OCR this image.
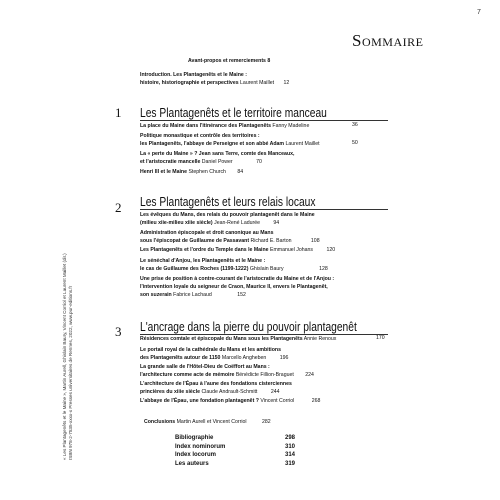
7
Sommaire
Avant-propos et remerciements 8
Introduction. Les Plantagenêts et le Maine :
histoire, historiographie et perspectives Laurent Maillet 12
1 Les Plantagenêts et le territoire manceau
La place du Maine dans l'itinérance des Plantagenêts Fanny Madeline	36
Politique monastique et contrôle des territoires :
les Plantagenêts, l'abbaye de Perseigne et son abbé Adam Laurent Maillet	50
La « perte du Maine » ? Jean sans Terre, comte des Manceaux,
et l'aristocratie mancelle Daniel Power	70
Henri III et le Maine Stephen Church 84
2 Les Plantagenêts et leurs relais locaux
Les évêques du Mans, des relais du pouvoir plantagenêt dans le Maine
(milieu xiie-milieu xiiie siècle) Jean-René Ladurée	94
Administration épiscopale et droit canonique au Mans
sous l'épiscopat de Guillaume de Passavant Richard E. Barton	108
Les Plantagenêts et l'ordre du Temple dans le Maine Emmanuel Johans	120
Le sénéchal d'Anjou, les Plantagenêts et le Maine :
le cas de Guillaume des Roches (1199-1222) Ghislain Baury	128
Une prise de position à contre-courant de l'aristocratie du Maine et de l'Anjou :
l'intervention loyale du seigneur de Craon, Maurice II, envers le Plantagenêt,
son suzerain Fabrice Lachaud	152
3 L'ancrage dans la pierre du pouvoir plantagenêt
Résidences comtale et épiscopale du Mans sous les Plantagenêts Annie Renoux	170
Le portail royal de la cathédrale du Mans et les ambitions
des Plantagenêts autour de 1150 Marcello Angheben	196
La grande salle de l'Hôtel-Dieu de Coëffort au Mans :
l'architecture comme acte de mémoire Bénédicte Fillion-Braguet 224
L'architecture de l'Épau à l'aune des fondations cisterciennes
princières du xiiie siècle Claude Andrault-Schmitt	244
L'abbaye de l'Épau, une fondation plantagenêt ? Vincent Corriol	268
Conclusions Martin Aurell et Vincent Corriol	282
Bibliographie	298
Index nominorum	310
Index locorum	314
Les auteurs	319
« Les Plantagenêts et le Maine », Martin Aurell, Ghislain Baury, Vincent Corriol et Laurent Maillet (dir.) ISBN 978-2-7535-xxxx-x Presses universitaires de Rennes, 2022, www.pur-editions.fr
